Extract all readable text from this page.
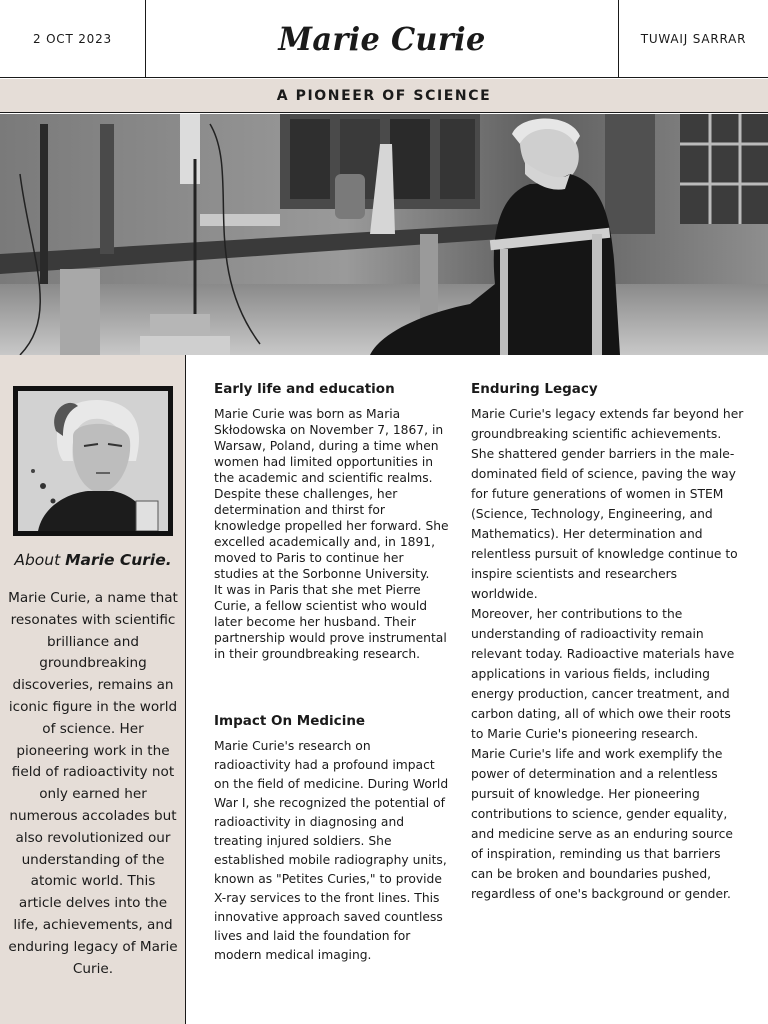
2 OCT 2023	Marie Curie	TUWAIJ SARRAR
A PIONEER OF SCIENCE
About Marie Curie.
Marie Curie, a name that resonates with scientific brilliance and groundbreaking discoveries, remains an iconic figure in the world of science. Her pioneering work in the field of radioactivity not only earned her numerous accolades but also revolutionized our understanding of the atomic world. This article delves into the life, achievements, and enduring legacy of Marie Curie.
Early life and education

Marie Curie was born as Maria Skłodowska on November 7, 1867, in Warsaw, Poland, during a time when women had limited opportunities in the academic and scientific realms. Despite these challenges, her determination and thirst for knowledge propelled her forward. She excelled academically and, in 1891, moved to Paris to continue her studies at the Sorbonne University.

It was in Paris that she met Pierre Curie, a fellow scientist who would later become her husband. Their partnership would prove instrumental in their groundbreaking research.

Impact On Medicine

Marie Curie's research on radioactivity had a profound impact on the field of medicine. During World War I, she recognized the potential of radioactivity in diagnosing and treating injured soldiers. She established mobile radiography units, known as "Petites Curies," to provide X-ray services to the front lines. This innovative approach saved countless lives and laid the foundation for modern medical imaging.

Enduring Legacy

Marie Curie's legacy extends far beyond her groundbreaking scientific achievements. She shattered gender barriers in the male-dominated field of science, paving the way for future generations of women in STEM (Science, Technology, Engineering, and Mathematics). Her determination and relentless pursuit of knowledge continue to inspire scientists and researchers worldwide.

Moreover, her contributions to the understanding of radioactivity remain relevant today. Radioactive materials have applications in various fields, including energy production, cancer treatment, and carbon dating, all of which owe their roots to Marie Curie's pioneering research.

Marie Curie's life and work exemplify the power of determination and a relentless pursuit of knowledge. Her pioneering contributions to science, gender equality, and medicine serve as an enduring source of inspiration, reminding us that barriers can be broken and boundaries pushed, regardless of one's background or gender.
